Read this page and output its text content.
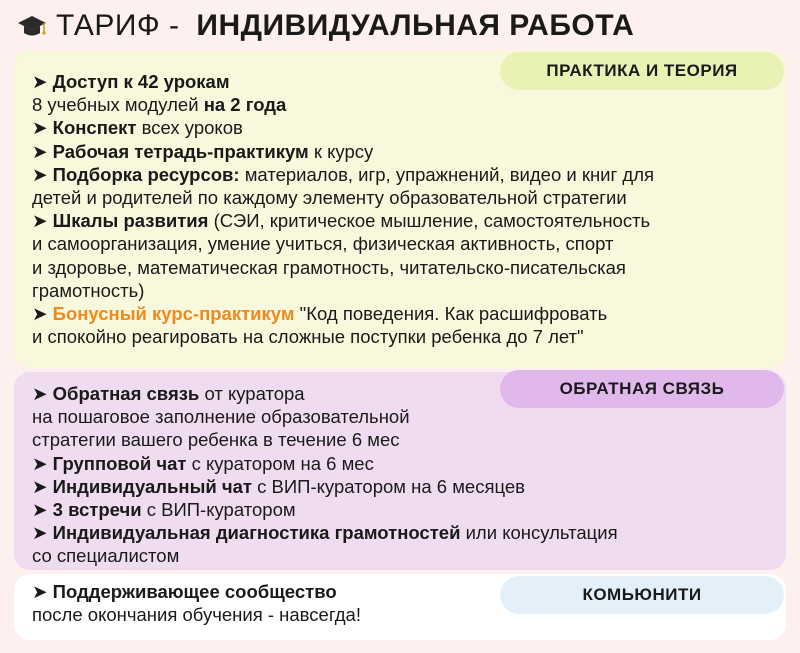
ТАРИФ - ИНДИВИДУАЛЬНАЯ РАБОТА
ПРАКТИКА И ТЕОРИЯ
➤ Доступ к 42 урокам
8 учебных модулей на 2 года
➤ Конспект всех уроков
➤ Рабочая тетрадь-практикум к курсу
➤ Подборка ресурсов: материалов, игр, упражнений, видео и книг для
детей и родителей по каждому элементу образовательной стратегии
➤ Шкалы развития (СЭИ, критическое мышление, самостоятельность
и самоорганизация, умение учиться, физическая активность, спорт
и здоровье, математическая грамотность, читательско-писательская
грамотность)
➤ Бонусный курс-практикум "Код поведения. Как расшифровать
и спокойно реагировать на сложные поступки ребенка до 7 лет"
ОБРАТНАЯ СВЯЗЬ
➤ Обратная связь от куратора
на пошаговое заполнение образовательной
стратегии вашего ребенка в течение 6 мес
➤ Групповой чат с куратором на 6 мес
➤ Индивидуальный чат с ВИП-куратором на 6 месяцев
➤ 3 встречи с ВИП-куратором
➤ Индивидуальная диагностика грамотностей или консультация
со специалистом
КОМЬЮНИТИ
➤ Поддерживающее сообщество
после окончания обучения - навсегда!
